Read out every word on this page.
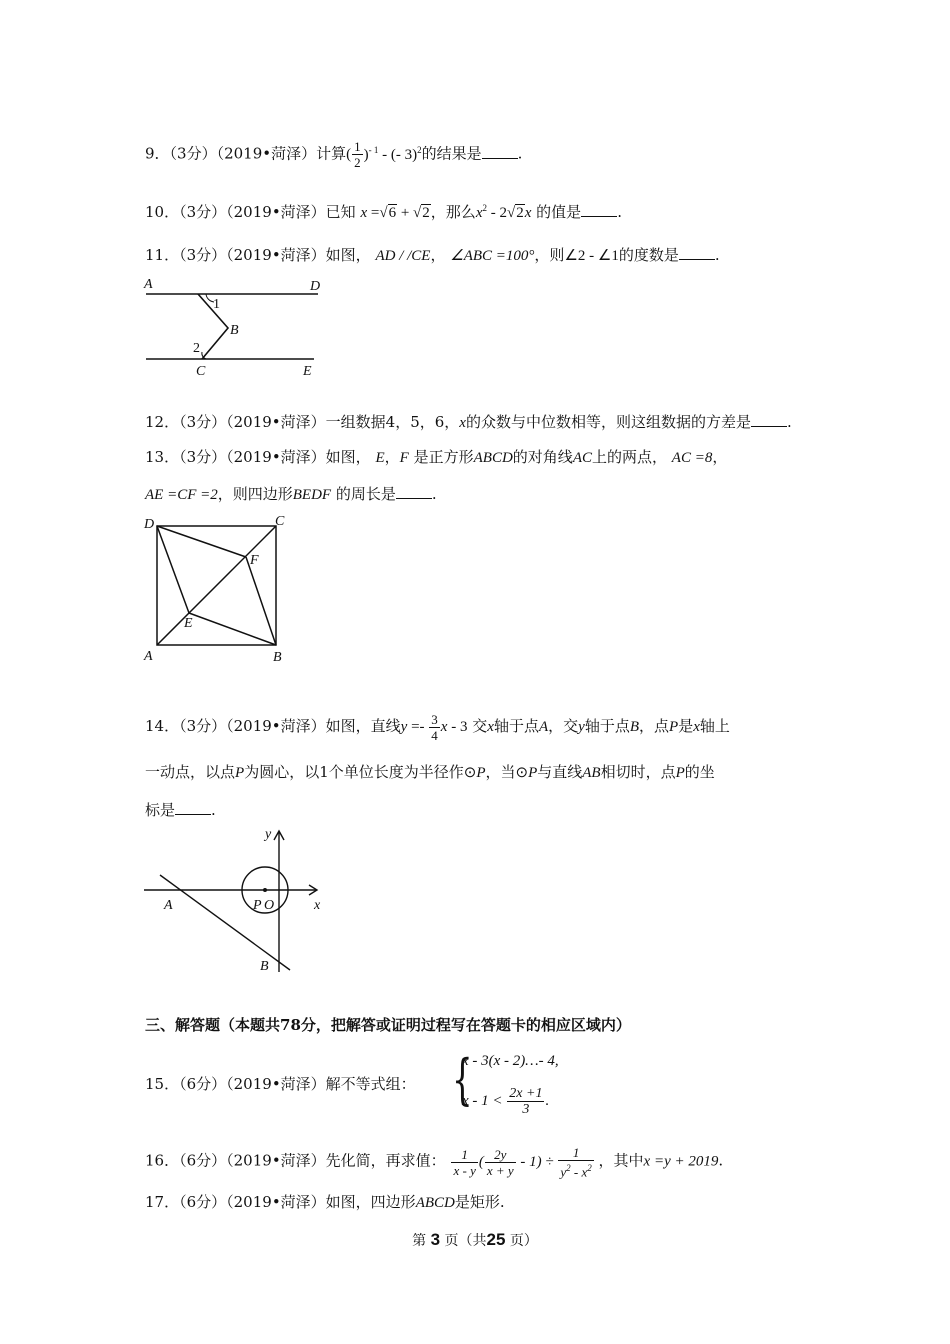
9．（3分）（2019•菏泽）计算( $\frac{1}{2} )^{- 1}$ - (- 3)$^2$的结果是 .
10．（3分）（2019•菏泽）已知 x =√6 + √2，那么$x^2 - 2√2x$ 的值是 .
11．（3分）（2019•菏泽）如图， AD / /CE， ∠ABC =100°，则∠2 - ∠1的度数是 .
A	D
1
B
2
C	E
12．（3分）（2019•菏泽）一组数据4，5，6，x的众数与中位数相等，则这组数据的方差是 .
13．（3分）（2019•菏泽）如图， E，F 是正方形ABCD的对角线AC上的两点， AC =8，
AE =CF =2，则四边形BEDF 的周长是 .
D	C
F
E
A	B
14．（3分）（2019•菏泽）如图，直线$y =- \frac{3}{4}$ x - 3 交x轴于点A，交y轴于点B，点P是x轴上
一动点，以点P为圆心，以1个单位长度为半径作⊙P，当⊙P与直线AB相切时，点P的坐
标是 .
y
A	P O	x
B
三、解答题（本题共78分，把解答或证明过程写在答题卡的相应区域内）
15．（6分）（2019•菏泽）解不等式组： {
x - 3(x - 2)…- 4,
$x - 1 < \frac{2x +1}{3}$ .
16．（6分）（2019•菏泽）先化简，再求值： $\frac{1}{x - y}$ ( $\frac{2y}{x + y} - 1) \div \frac{1}{y^2 - x^2}$ ，其中x =y + 2019.
17．（6分）（2019•菏泽）如图，四边形ABCD是矩形.
第 3 页（共25 页）
